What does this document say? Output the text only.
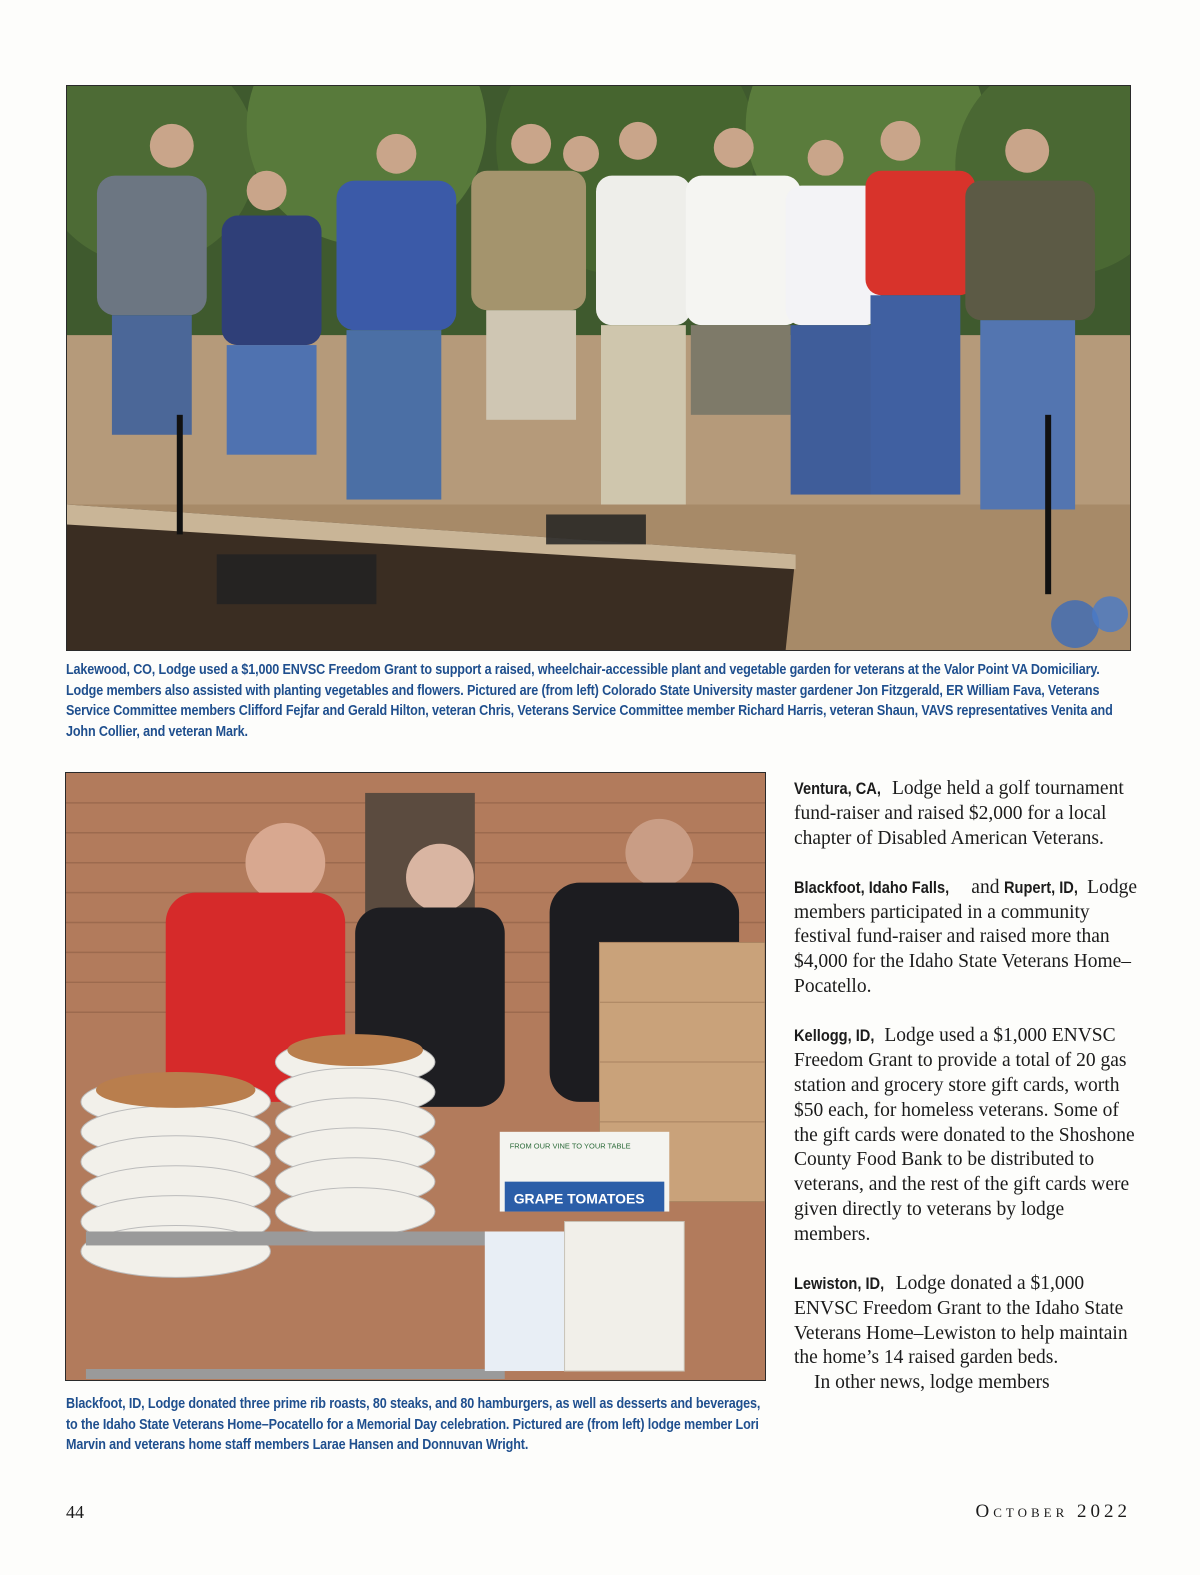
Lakewood, CO, Lodge used a $1,000 ENVSC Freedom Grant to support a raised, wheelchair-accessible plant and vegetable garden for veterans at the Valor Point VA Domiciliary. Lodge members also assisted with planting vegetables and flowers. Pictured are (from left) Colorado State University master gardener Jon Fitzgerald, ER William Fava, Veterans Service Committee members Clifford Fejfar and Gerald Hilton, veteran Chris, Veterans Service Committee member Richard Harris, veteran Shaun, VAVS representatives Venita and John Collier, and veteran Mark.
FROM OUR VINE TO YOUR TABLE
GRAPE TOMATOES
Blackfoot, ID, Lodge donated three prime rib roasts, 80 steaks, and 80 hamburgers, as well as desserts and beverages, to the Idaho State Veterans Home–Pocatello for a Memorial Day celebration. Pictured are (from left) lodge member Lori Marvin and veterans home staff members Larae Hansen and Donnuvan Wright.

Ventura, CA, Lodge held a golf tournament fund-raiser and raised $2,000 for a local chapter of Disabled American Veterans.

Blackfoot, Idaho Falls, and Rupert, ID, Lodge members participated in a community festival fund-raiser and raised more than $4,000 for the Idaho State Veterans Home–Pocatello.

Kellogg, ID, Lodge used a $1,000 ENVSC Freedom Grant to provide a total of 20 gas station and grocery store gift cards, worth $50 each, for homeless veterans. Some of the gift cards were donated to the Shoshone County Food Bank to be distributed to veterans, and the rest of the gift cards were given directly to veterans by lodge members.

Lewiston, ID, Lodge donated a $1,000 ENVSC Freedom Grant to the Idaho State Veterans Home–Lewiston to help maintain the home’s 14 raised garden beds.
In other news, lodge members

44	October 2022
